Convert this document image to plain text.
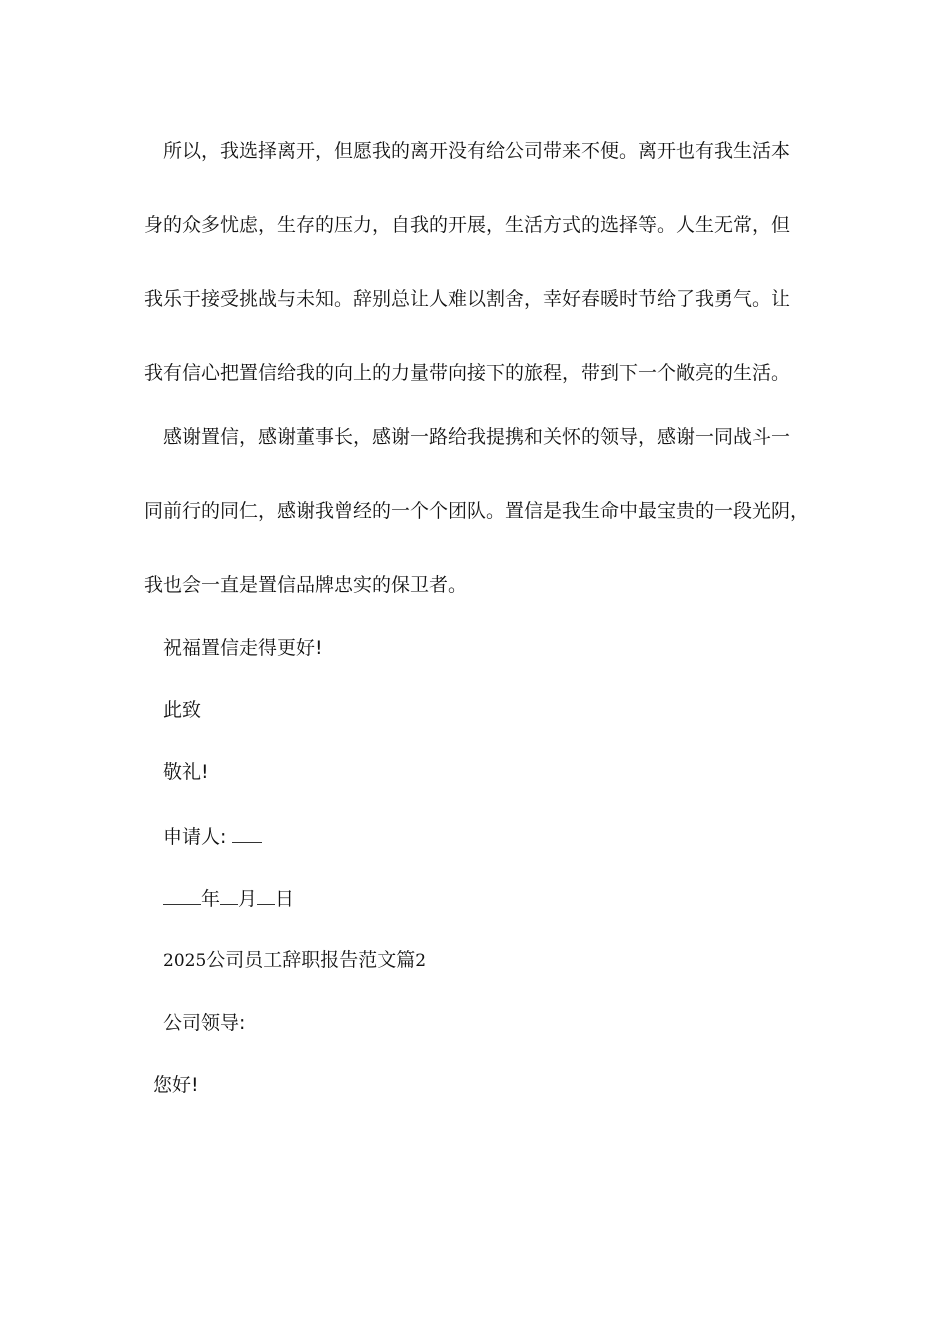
所以，我选择离开，但愿我的离开没有给公司带来不便。离开也有我生活本
身的众多忧虑，生存的压力，自我的开展，生活方式的选择等。人生无常，但
我乐于接受挑战与未知。辞别总让人难以割舍，幸好春暖时节给了我勇气。让
我有信心把置信给我的向上的力量带向接下的旅程，带到下一个敞亮的生活。
感谢置信，感谢董事长，感谢一路给我提携和关怀的领导，感谢一同战斗一
同前行的同仁，感谢我曾经的一个个团队。置信是我生命中最宝贵的一段光阴，
我也会一直是置信品牌忠实的保卫者。
祝福置信走得更好!
此致
敬礼!
申请人:
年 月 日
2025公司员工辞职报告范文篇2
公司领导:
您好!
